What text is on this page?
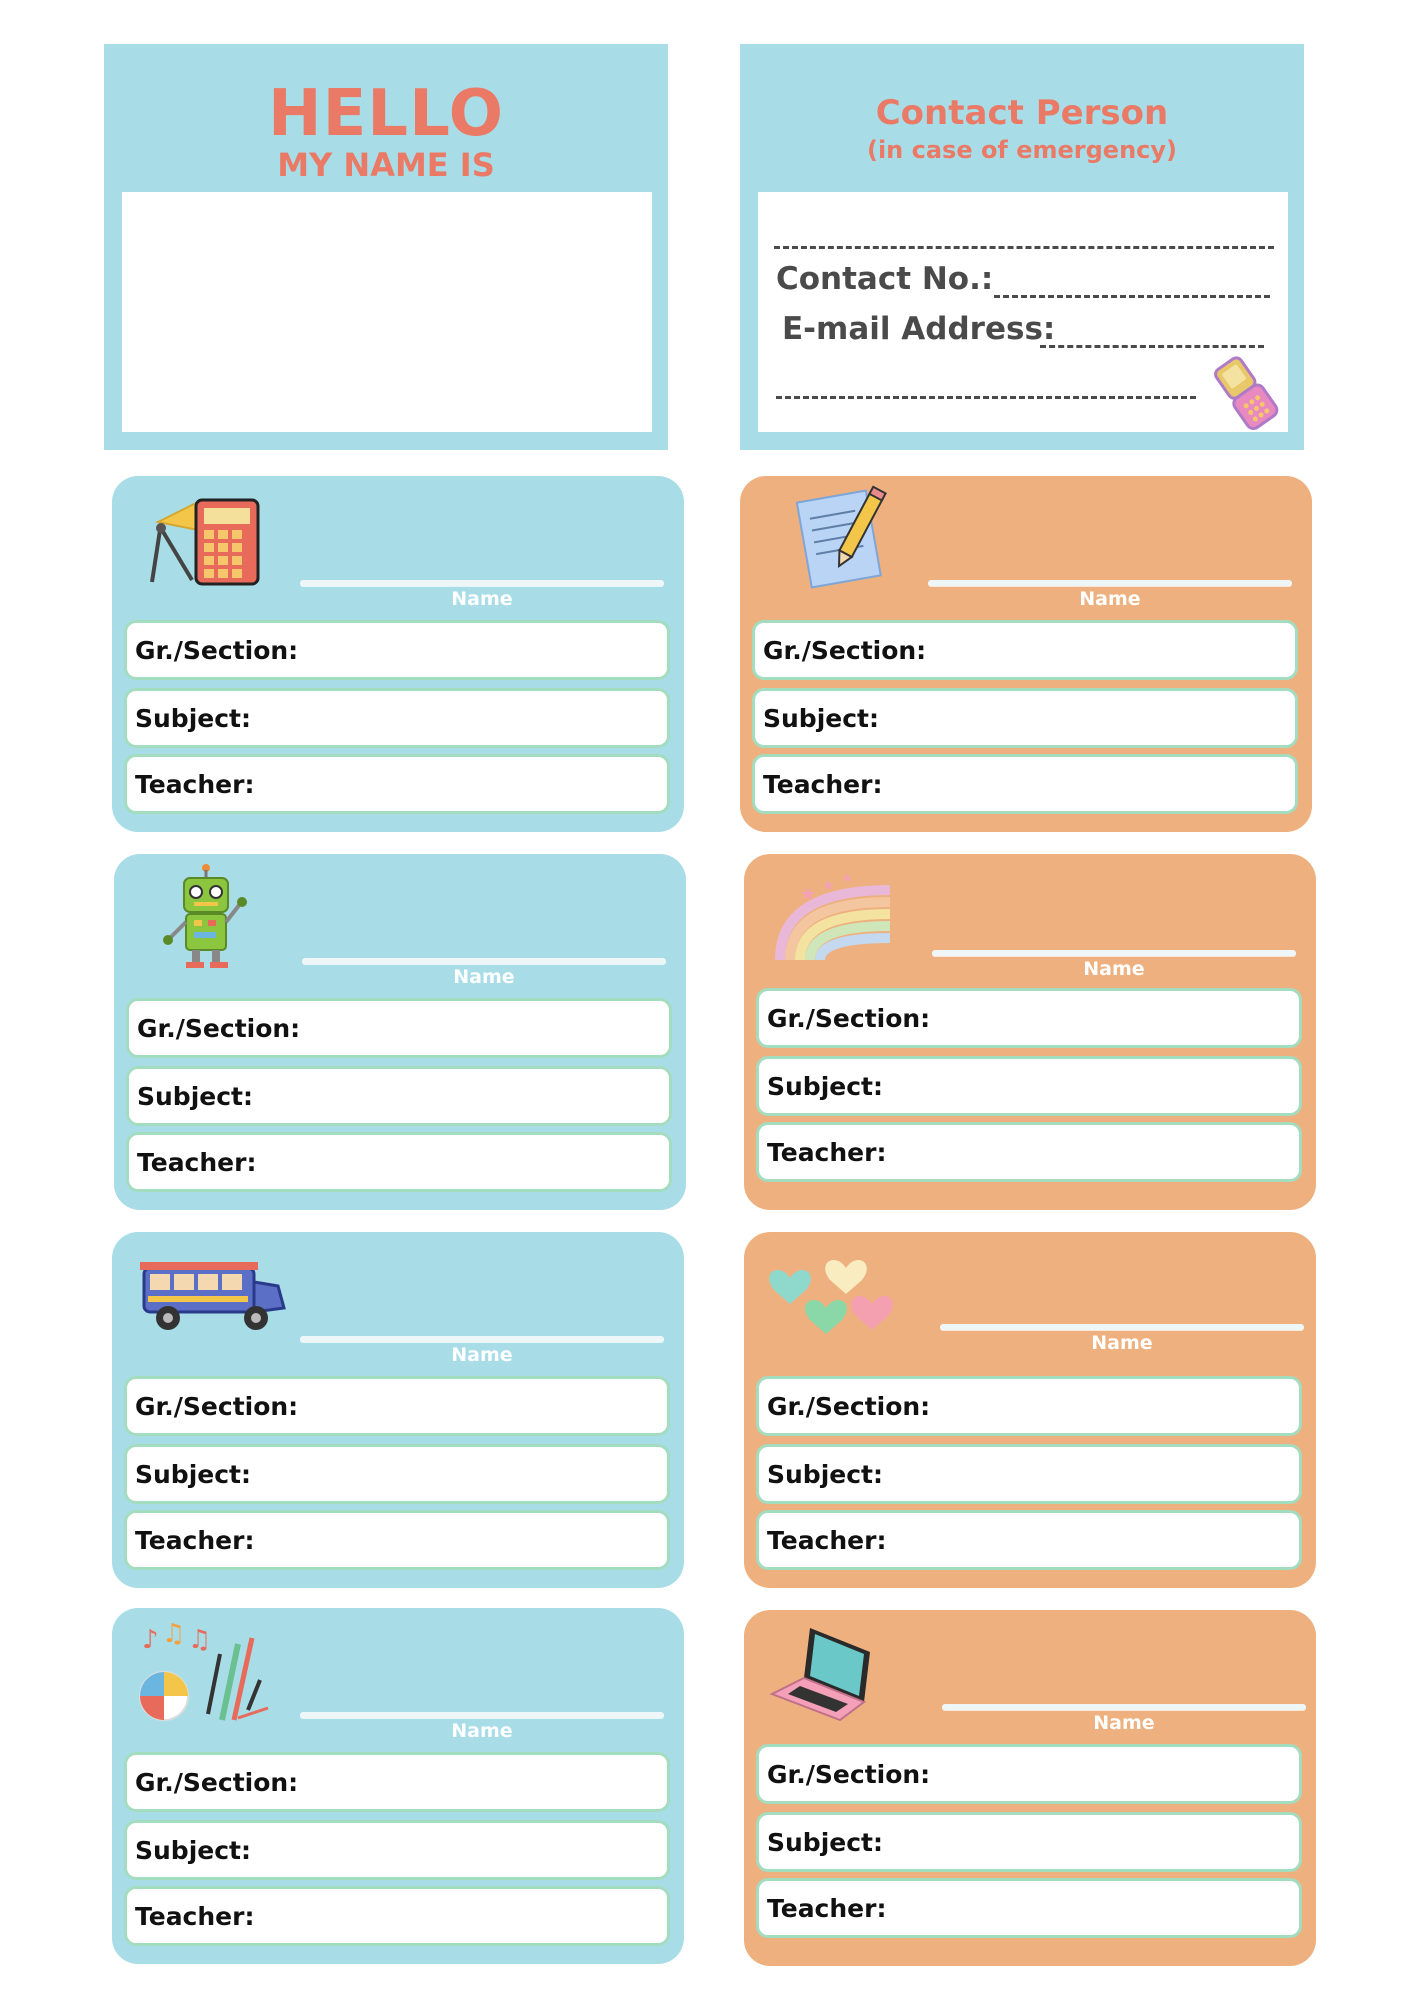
HELLO
MY NAME IS
Contact Person
(in case of emergency)
Contact No.:
E-mail Address:
Name
Gr./Section:
Subject:
Teacher:
Name
Gr./Section:
Subject:
Teacher:
Name
Gr./Section:
Subject:
Teacher:
★ ★ ★
Name
Gr./Section:
Subject:
Teacher:
Name
Gr./Section:
Subject:
Teacher:
Name
Gr./Section:
Subject:
Teacher:
♪ ♫ ♫
Name
Gr./Section:
Subject:
Teacher:
Name
Gr./Section:
Subject:
Teacher:
